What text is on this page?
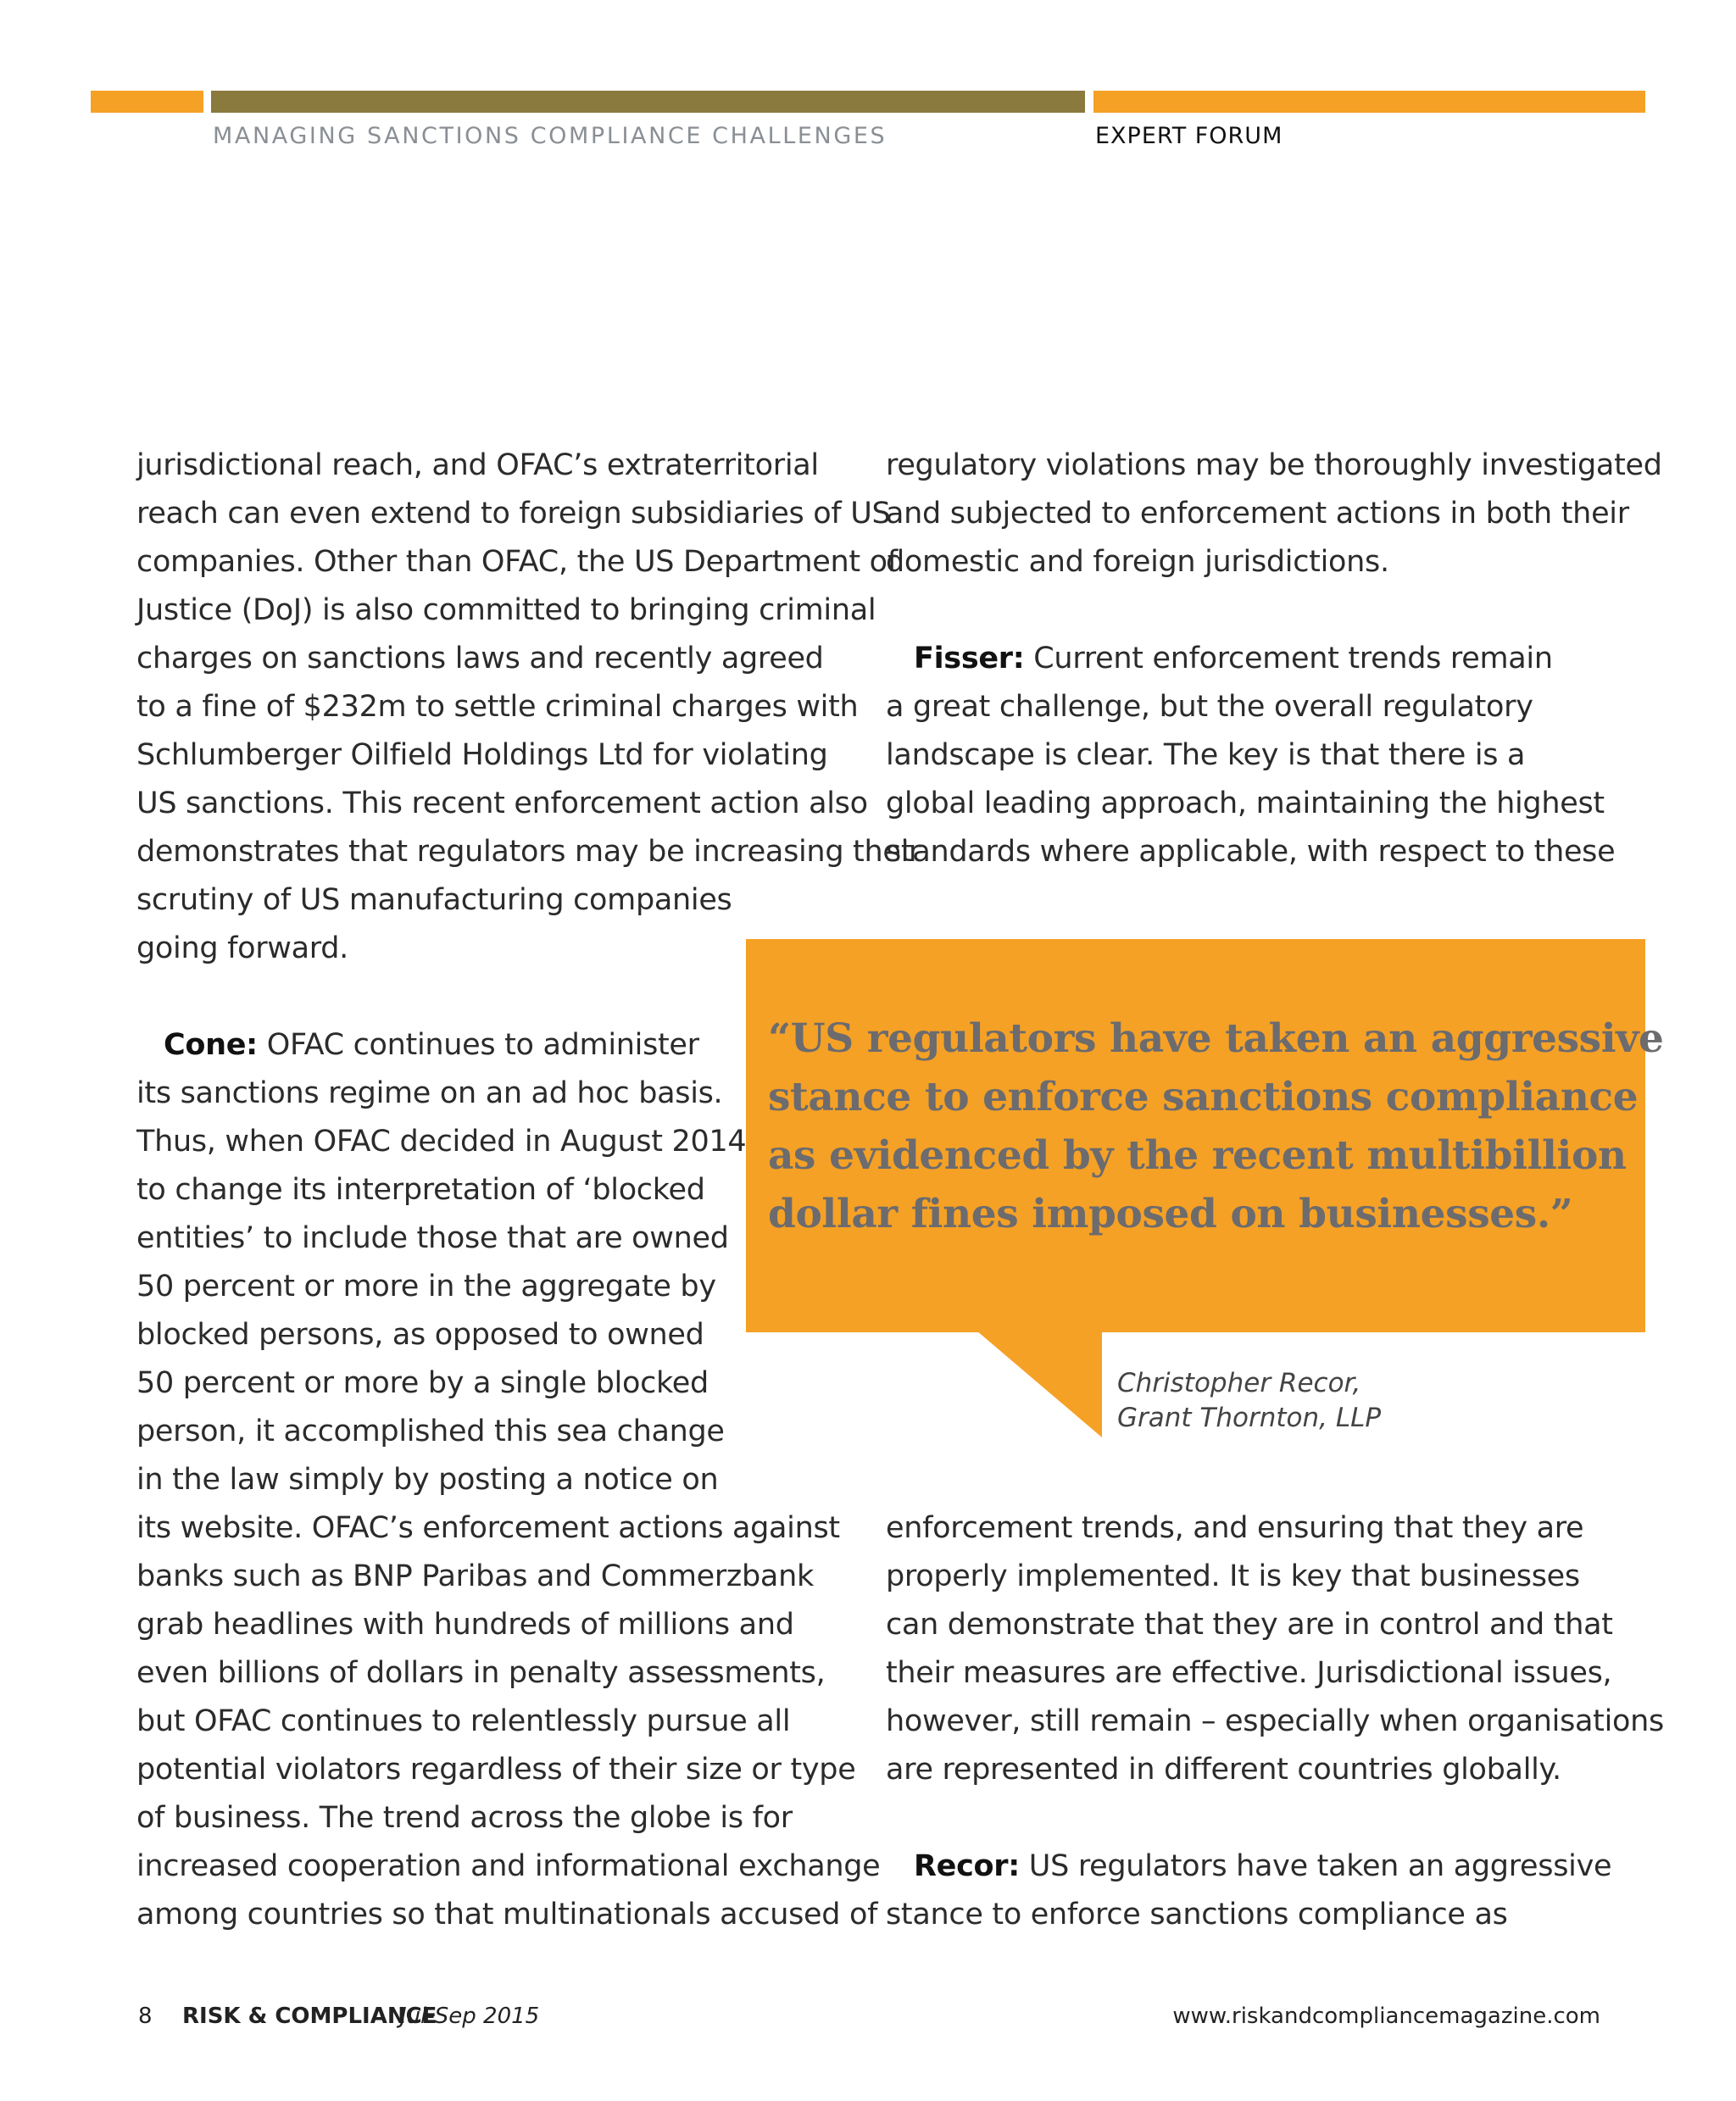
MANAGING SANCTIONS COMPLIANCE CHALLENGES	EXPERT FORUM
jurisdictional reach, and OFAC’s extraterritorial
reach can even extend to foreign subsidiaries of US
companies. Other than OFAC, the US Department of
Justice (DoJ) is also committed to bringing criminal
charges on sanctions laws and recently agreed
to a fine of $232m to settle criminal charges with
Schlumberger Oilfield Holdings Ltd for violating
US sanctions. This recent enforcement action also
demonstrates that regulators may be increasing their
scrutiny of US manufacturing companies
going forward.
Cone: OFAC continues to administer
its sanctions regime on an ad hoc basis.
Thus, when OFAC decided in August 2014
to change its interpretation of ‘blocked
entities’ to include those that are owned
50 percent or more in the aggregate by
blocked persons, as opposed to owned
50 percent or more by a single blocked
person, it accomplished this sea change
in the law simply by posting a notice on
its website. OFAC’s enforcement actions against
banks such as BNP Paribas and Commerzbank
grab headlines with hundreds of millions and
even billions of dollars in penalty assessments,
but OFAC continues to relentlessly pursue all
potential violators regardless of their size or type
of business. The trend across the globe is for
increased cooperation and informational exchange
among countries so that multinationals accused of
regulatory violations may be thoroughly investigated
and subjected to enforcement actions in both their
domestic and foreign jurisdictions.
Fisser: Current enforcement trends remain
a great challenge, but the overall regulatory
landscape is clear. The key is that there is a
global leading approach, maintaining the highest
standards where applicable, with respect to these
enforcement trends, and ensuring that they are
properly implemented. It is key that businesses
can demonstrate that they are in control and that
their measures are effective. Jurisdictional issues,
however, still remain – especially when organisations
are represented in different countries globally.
Recor: US regulators have taken an aggressive
stance to enforce sanctions compliance as
“US regulators have taken an aggressive
stance to enforce sanctions compliance
as evidenced by the recent multibillion
dollar fines imposed on businesses.”
Christopher Recor,
Grant Thornton, LLP
8 RISK & COMPLIANCE
Jul-Sep 2015	www.riskandcompliancemagazine.com
